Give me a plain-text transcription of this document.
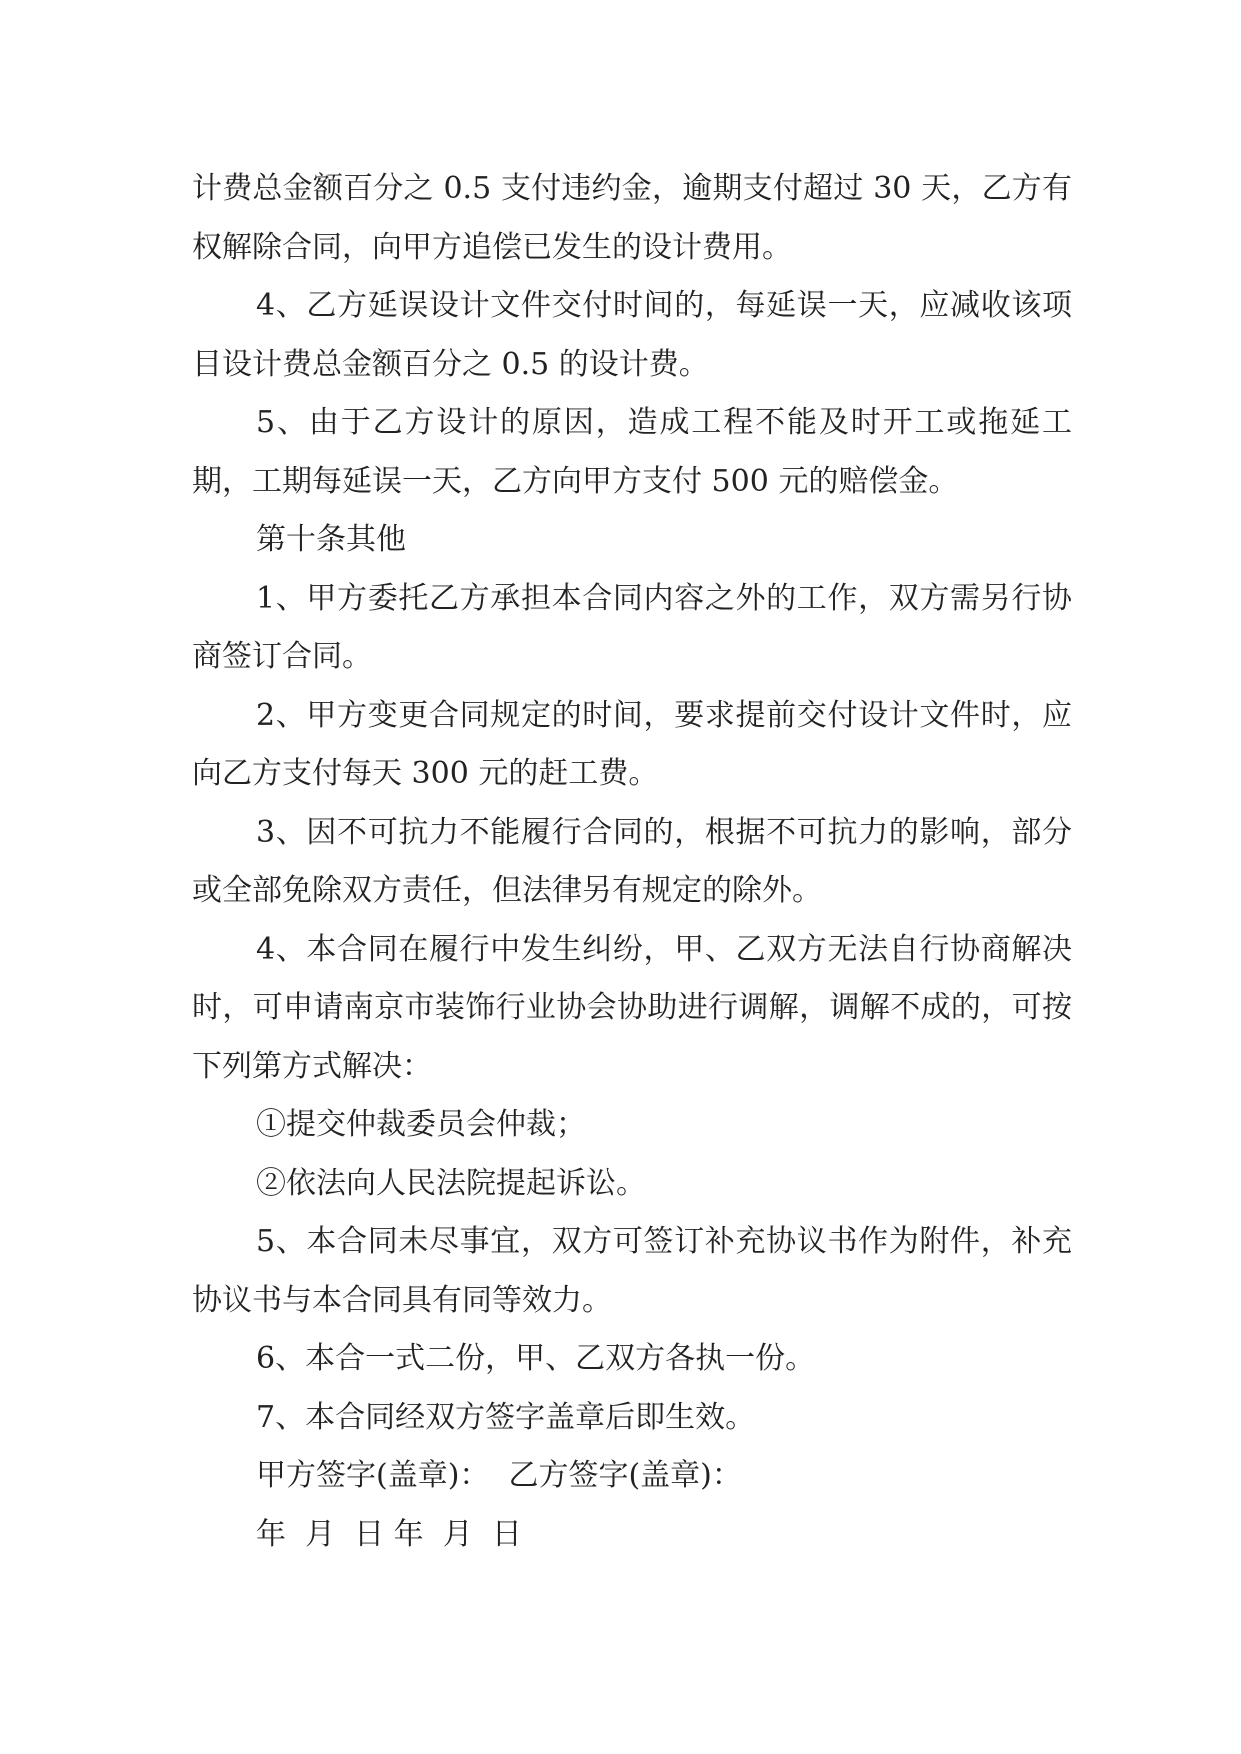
计费总金额百分之 0.5 支付违约金，逾期支付超过 30 天，乙方有权解除合同，向甲方追偿已发生的设计费用。

4、乙方延误设计文件交付时间的，每延误一天，应减收该项目设计费总金额百分之 0.5 的设计费。

5、由于乙方设计的原因，造成工程不能及时开工或拖延工期，工期每延误一天，乙方向甲方支付 500 元的赔偿金。

第十条其他

1、甲方委托乙方承担本合同内容之外的工作，双方需另行协商签订合同。

2、甲方变更合同规定的时间，要求提前交付设计文件时，应向乙方支付每天 300 元的赶工费。

3、因不可抗力不能履行合同的，根据不可抗力的影响，部分或全部免除双方责任，但法律另有规定的除外。

4、本合同在履行中发生纠纷，甲、乙双方无法自行协商解决时，可申请南京市装饰行业协会协助进行调解，调解不成的，可按下列第方式解决：

①提交仲裁委员会仲裁；

②依法向人民法院提起诉讼。

5、本合同未尽事宜，双方可签订补充协议书作为附件，补充协议书与本合同具有同等效力。

6、本合一式二份，甲、乙双方各执一份。

7、本合同经双方签字盖章后即生效。

甲方签字(盖章)：  乙方签字(盖章)：

年  月  日 年  月  日
